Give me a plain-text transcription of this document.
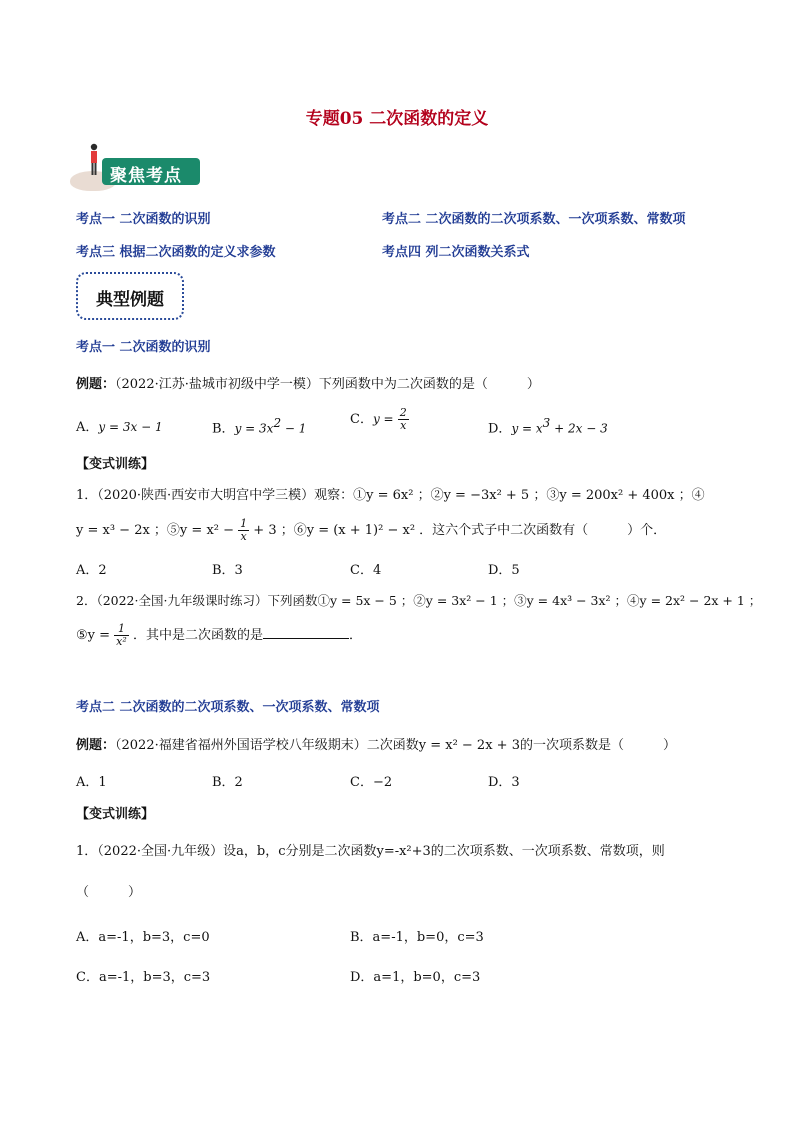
专题05 二次函数的定义
聚焦考点
考点一 二次函数的识别	考点二 二次函数的二次项系数、一次项系数、常数项
考点三 根据二次函数的定义求参数	考点四 列二次函数关系式
典型例题
考点一 二次函数的识别
例题：（2022·江苏·盐城市初级中学一模）下列函数中为二次函数的是（　　　）
A．y = 3x − 1	B．$y = 3x^2 - 1$
C．$y = \frac{2}{x}$	D．$y = x^3 + 2x - 3$
【变式训练】
1．（2020·陕西·西安市大明宫中学三模）观察：①y = 6x² ；②y = −3x² + 5 ；③y = 200x² + 400x ；④
y = x³ − 2x ；⑤y = $x^2 - \frac{1}{x} + 3$ ；⑥y = (x + 1)² − x² ．这六个式子中二次函数有（　　　）个．
A．2	B．3	C．4	D．5
2．（2022·全国·九年级课时练习）下列函数①y = 5x − 5 ；②y = 3x² − 1 ；③y = 4x³ − 3x² ；④y = 2x² − 2x + 1 ；
⑤y = $\frac{1}{\text{x²}}$ ．其中是二次函数的是	．
考点二 二次函数的二次项系数、一次项系数、常数项
例题：（2022·福建省福州外国语学校八年级期末）二次函数y = x² − 2x + 3的一次项系数是（　　　）
A．1	B．2	C．−2	D．3
【变式训练】
1．（2022·全国·九年级）设a，b，c分别是二次函数y=-x²+3的二次项系数、一次项系数、常数项，则
（　　　）
A．a=-1，b=3，c=0	B．a=-1，b=0，c=3
C．a=-1，b=3，c=3	D．a=1，b=0，c=3
